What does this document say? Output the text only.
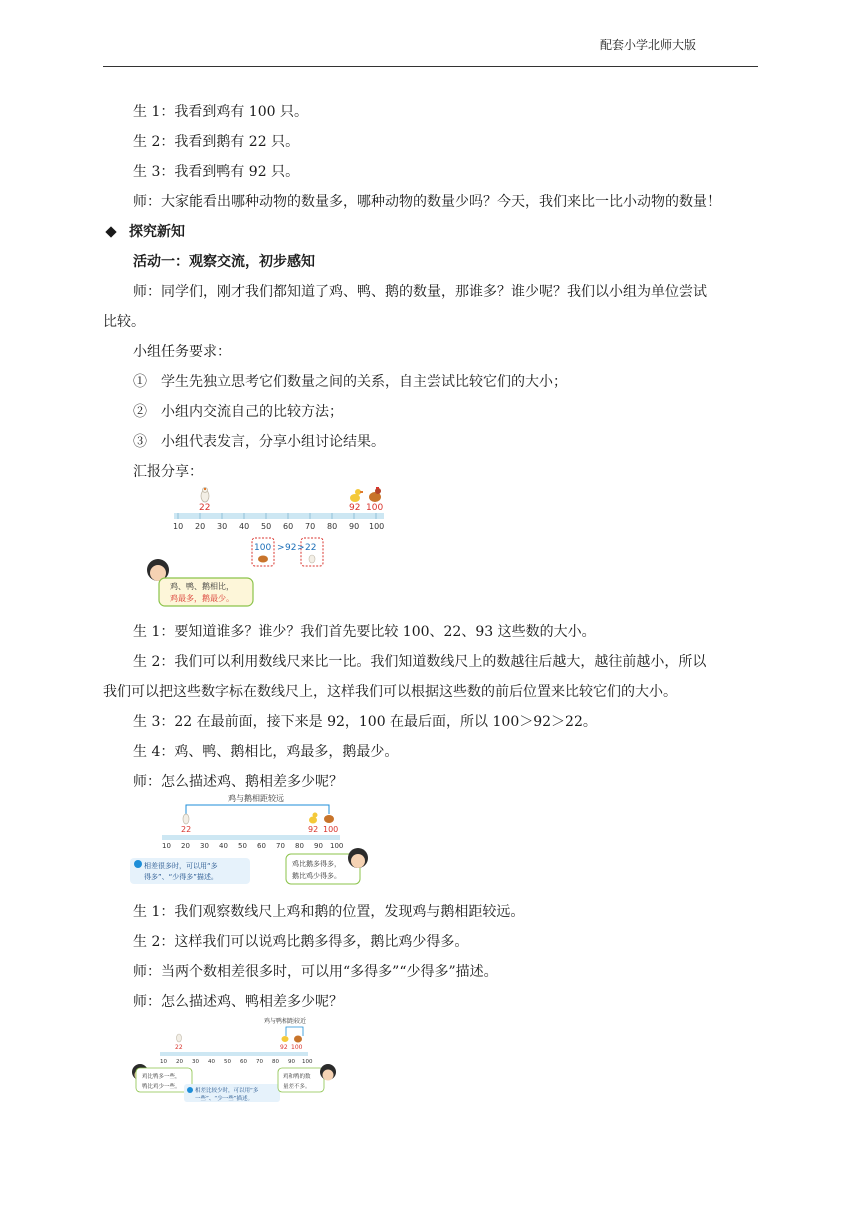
配套小学北师大版
生 1：我看到鸡有 100 只。
生 2：我看到鹅有 22 只。
生 3：我看到鸭有 92 只。
师：大家能看出哪种动物的数量多，哪种动物的数量少吗？今天，我们来比一比小动物的数量！
探究新知
活动一：观察交流，初步感知
师：同学们，刚才我们都知道了鸡、鸭、鹅的数量，那谁多？谁少呢？我们以小组为单位尝试
比较。
小组任务要求：
①　学生先独立思考它们数量之间的关系，自主尝试比较它们的大小；
②　小组内交流自己的比较方法；
③　小组代表发言，分享小组讨论结果。
汇报分享：
22	92 100
10 20 30 40 50 60 70 80 90 100
100 > 92 > 22
鸡、鸭、鹅相比，
鸡最多，鹅最少。
生 1：要知道谁多？谁少？我们首先要比较 100、22、93 这些数的大小。
生 2：我们可以利用数线尺来比一比。我们知道数线尺上的数越往后越大，越往前越小，所以
我们可以把这些数字标在数线尺上，这样我们可以根据这些数的前后位置来比较它们的大小。
生 3：22 在最前面，接下来是 92，100 在最后面，所以 100＞92＞22。
生 4：鸡、鸭、鹅相比，鸡最多，鹅最少。
师：怎么描述鸡、鹅相差多少呢？
鸡与鹅相距较远
22	92 100
10 20 30 40 50 60 70 80 90 100
相差很多时，可以用“多
得多”、“少得多”描述。
鸡比鹅多得多，
鹅比鸡少得多。
生 1：我们观察数线尺上鸡和鹅的位置，发现鸡与鹅相距较远。
生 2：这样我们可以说鸡比鹅多得多，鹅比鸡少得多。
师：当两个数相差很多时，可以用“多得多”“少得多”描述。
师：怎么描述鸡、鸭相差多少呢？
鸡与鸭相距较近
22	92 100
10 20 30 40 50 60 70 80 90 100
鸡比鸭多一些，
鸭比鸡少一些。
相差比较少时，可以用“多
一些”、“少一些”描述。
鸡和鸭的数
量差不多。
